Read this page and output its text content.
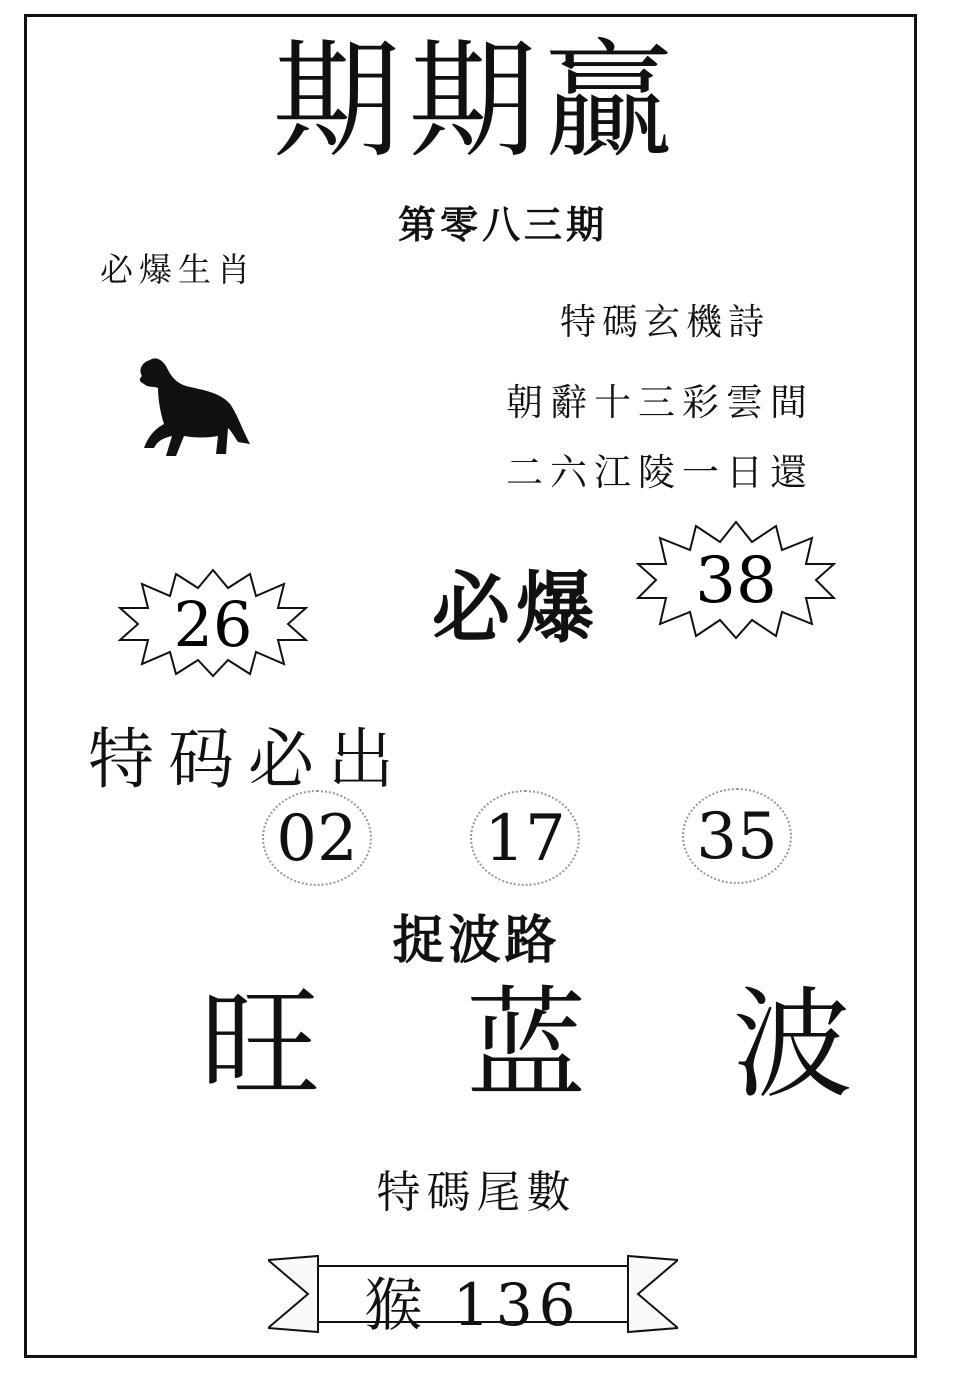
期期贏
第零八三期
必爆生肖
特碼玄機詩
朝辭十三彩雲間
二六江陵一日還
26 必爆 38
特码必出
02 17 35
捉波路
旺 蓝 波
特碼尾數
猴 136
